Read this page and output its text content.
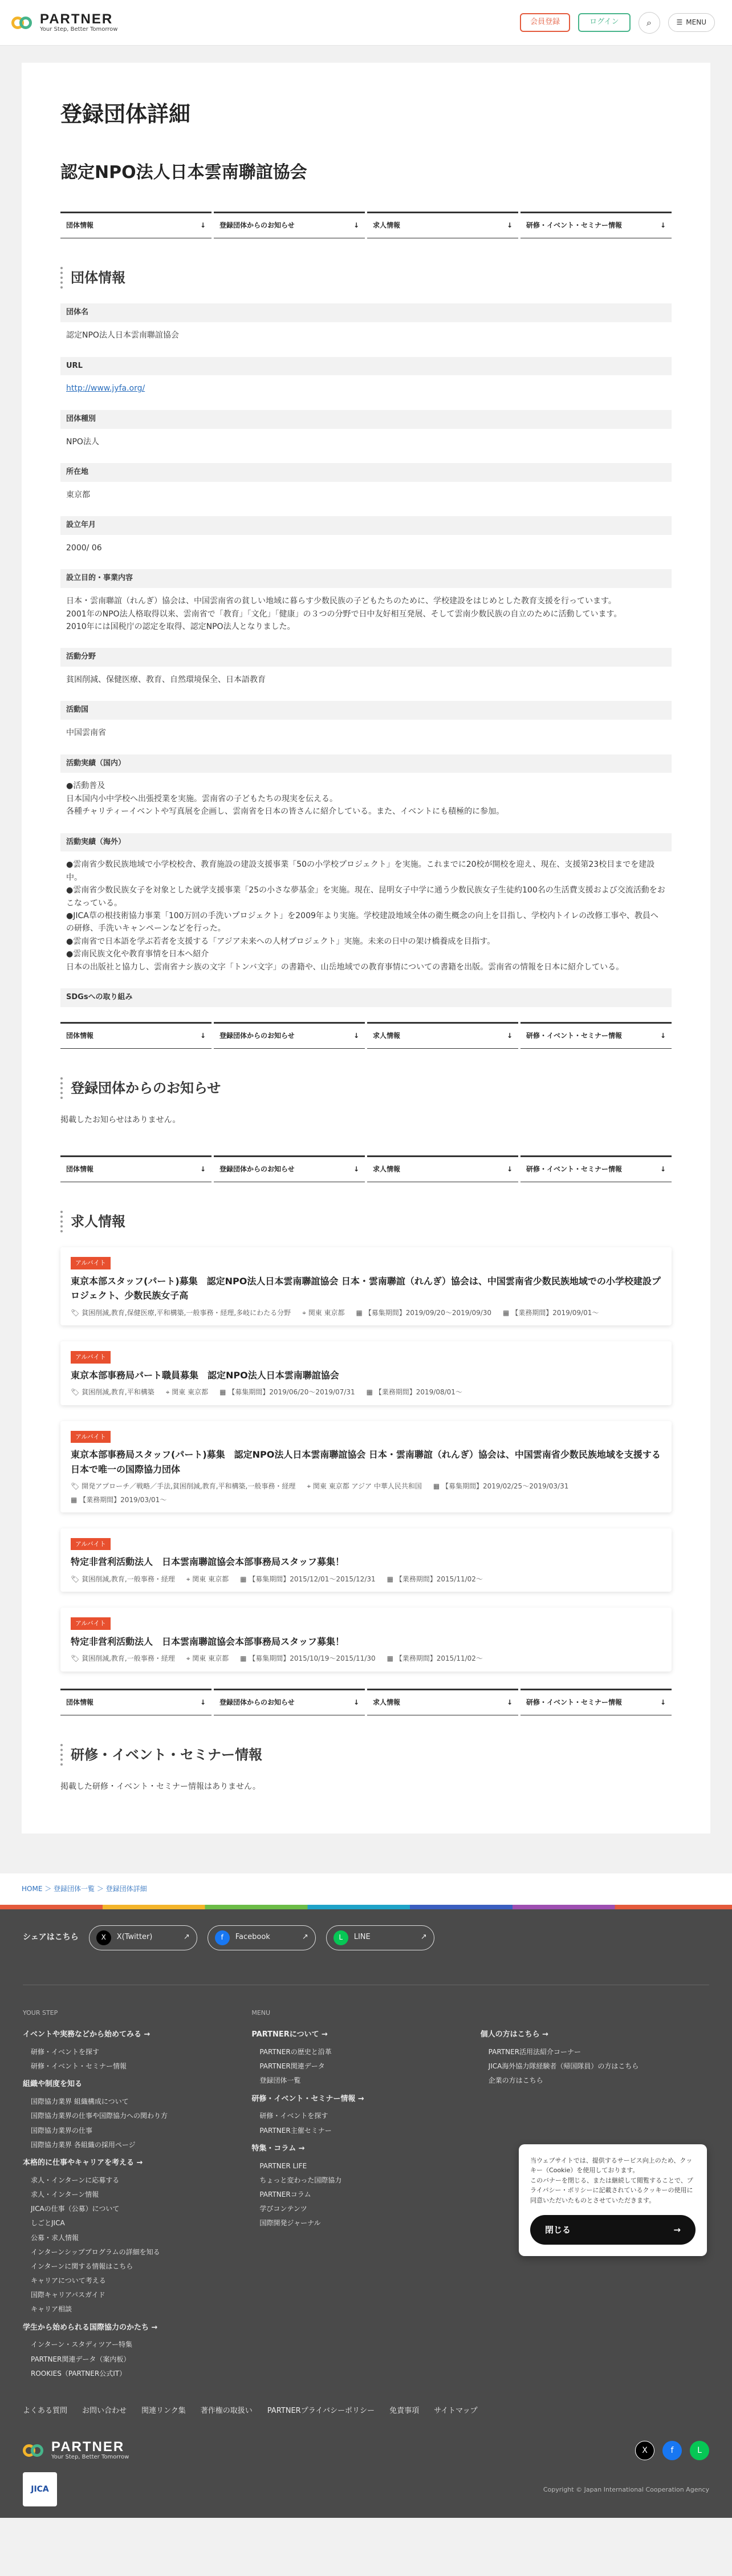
PARTNER
Your Step, Better Tomorrow
会員登録	ログイン	⌕	☰ MENU
登録団体詳細
認定NPO法人日本雲南聯誼協会
団体情報	↓ 登録団体からのお知らせ	↓ 求人情報	↓ 研修・イベント・セミナー情報	↓
団体情報
団体名
認定NPO法人日本雲南聯誼協会
URL
http://www.jyfa.org/
団体種別
NPO法人
所在地
東京都
設立年月
2000/ 06
設立目的・事業内容
日本・雲南聯誼（れんぎ）協会は、中国雲南省の貧しい地域に暮らす少数民族の子どもたちのために、学校建設をはじめとした教育支援を行っています。
2001年のNPO法人格取得以来、雲南省で「教育」「文化」「健康」の３つの分野で日中友好相互発展、そして雲南少数民族の自立のために活動しています。
2010年には国税庁の認定を取得、認定NPO法人となりました。
活動分野
貧困削減、保健医療、教育、自然環境保全、日本語教育
活動国
中国雲南省
活動実績（国内）
●活動普及
日本国内小中学校へ出張授業を実施。雲南省の子どもたちの現実を伝える。
各種チャリティーイベントや写真展を企画し、雲南省を日本の皆さんに紹介している。また、イベントにも積極的に参加。
活動実績（海外）
●雲南省少数民族地域で小学校校舎、教育施設の建設支援事業「50の小学校プロジェクト」を実施。これまでに20校が開校を迎え、現在、支援第23校目までを建設中。
●雲南省少数民族女子を対象とした就学支援事業「25の小さな夢基金」を実施。現在、昆明女子中学に通う少数民族女子生徒約100名の生活費支援および交流活動をおこなっている。
●JICA草の根技術協力事業「100万回の手洗いプロジェクト」を2009年より実施。学校建設地域全体の衛生概念の向上を目指し、学校内トイレの改修工事や、教員への研修、手洗いキャンペーンなどを行った。
●雲南省で日本語を学ぶ若者を支援する「アジア未来への人材プロジェクト」実施。未来の日中の架け橋養成を目指す。
●雲南民族文化や教育事情を日本へ紹介
日本の出版社と協力し、雲南省ナシ族の文字「トンバ文字」の書籍や、山岳地域での教育事情についての書籍を出版。雲南省の情報を日本に紹介している。
SDGsへの取り組み
団体情報	↓ 登録団体からのお知らせ	↓ 求人情報	↓ 研修・イベント・セミナー情報	↓
登録団体からのお知らせ

掲載したお知らせはありません。

団体情報	↓ 登録団体からのお知らせ	↓ 求人情報	↓ 研修・イベント・セミナー情報	↓
求人情報
アルバイト
東京本部スタッフ(パート)募集　認定NPO法人日本雲南聯誼協会 日本・雲南聯誼（れんぎ）協会は、中国雲南省少数民族地域での小学校建設プロジェクト、少数民族女子高
🏷 貧困削減,教育,保健医療,平和構築,一般事務・経理,多岐にわたる分野 ⌖ 関東 東京都 ▦ 【募集期間】2019/09/20〜2019/09/30 ▦ 【業務期間】2019/09/01〜
アルバイト
東京本部事務局パート職員募集　認定NPO法人日本雲南聯誼協会
🏷 貧困削減,教育,平和構築 ⌖ 関東 東京都 ▦ 【募集期間】2019/06/20〜2019/07/31 ▦ 【業務期間】2019/08/01〜
アルバイト
東京本部事務局スタッフ(パート)募集　認定NPO法人日本雲南聯誼協会 日本・雲南聯誼（れんぎ）協会は、中国雲南省少数民族地域を支援する日本で唯一の国際協力団体
🏷 開発アプローチ／戦略／手法,貧困削減,教育,平和構築,一般事務・経理 ⌖ 関東 東京都 アジア 中華人民共和国 ▦ 【募集期間】2019/02/25〜2019/03/31
▦ 【業務期間】2019/03/01〜
アルバイト
特定非営利活動法人　日本雲南聯誼協会本部事務局スタッフ募集！
🏷 貧困削減,教育,一般事務・経理 ⌖ 関東 東京都 ▦ 【募集期間】2015/12/01〜2015/12/31 ▦ 【業務期間】2015/11/02〜
アルバイト
特定非営利活動法人　日本雲南聯誼協会本部事務局スタッフ募集！
🏷 貧困削減,教育,一般事務・経理 ⌖ 関東 東京都 ▦ 【募集期間】2015/10/19〜2015/11/30 ▦ 【業務期間】2015/11/02〜
団体情報	↓ 登録団体からのお知らせ	↓ 求人情報	↓ 研修・イベント・セミナー情報	↓
研修・イベント・セミナー情報

掲載した研修・イベント・セミナー情報はありません。

HOME ＞ 登録団体一覧 ＞ 登録団体詳細
シェアはこちら	X	X(Twitter)	↗	f	Facebook	↗	L	LINE	↗
YOUR STEP
イベントや実務などから始めてみる →
研修・イベントを探す
研修・イベント・セミナー情報
組織や制度を知る
国際協力業界 組織構成について
国際協力業界の仕事や国際協力への関わり方
国際協力業界の仕事
国際協力業界 各組織の採用ページ
本格的に仕事やキャリアを考える →
求人・インターンに応募する
求人・インターン情報
JICAの仕事（公募）について
しごとJICA
公募・求人情報
インターンシッププログラムの詳細を知る
インターンに関する情報はこちら
キャリアについて考える
国際キャリアパスガイド
キャリア相談
学生から始められる国際協力のかたち →
インターン・スタディツアー特集
PARTNER関連データ（案内板）
ROOKIES（PARTNER公式IT）
MENU
PARTNERについて →
PARTNERの歴史と沿革
PARTNER関連データ
登録団体一覧
研修・イベント・セミナー情報 →
研修・イベントを探す
PARTNER主催セミナー
特集・コラム →
PARTNER LIFE
ちょっと変わった国際協力
PARTNERコラム
学びコンテンツ
国際開発ジャーナル

個人の方はこちら →
PARTNER活用法紹介コーナー
JICA海外協力隊経験者（帰国隊員）の方はこちら
企業の方はこちら
よくある質問 お問い合わせ 関連リンク集 著作権の取扱い PARTNERプライバシーポリシー 免責事項 サイトマップ
PARTNER
Your Step, Better Tomorrow
X	f	L
JICA	Copyright © Japan International Cooperation Agency

当ウェブサイトでは、提供するサービス向上のため、クッキー（Cookie）を使用しております。
このバナーを閉じる、または継続して閲覧することで、プライバシー・ポリシーに記載されているクッキーの使用に同意いただいたものとさせていただきます。

閉じる	→
